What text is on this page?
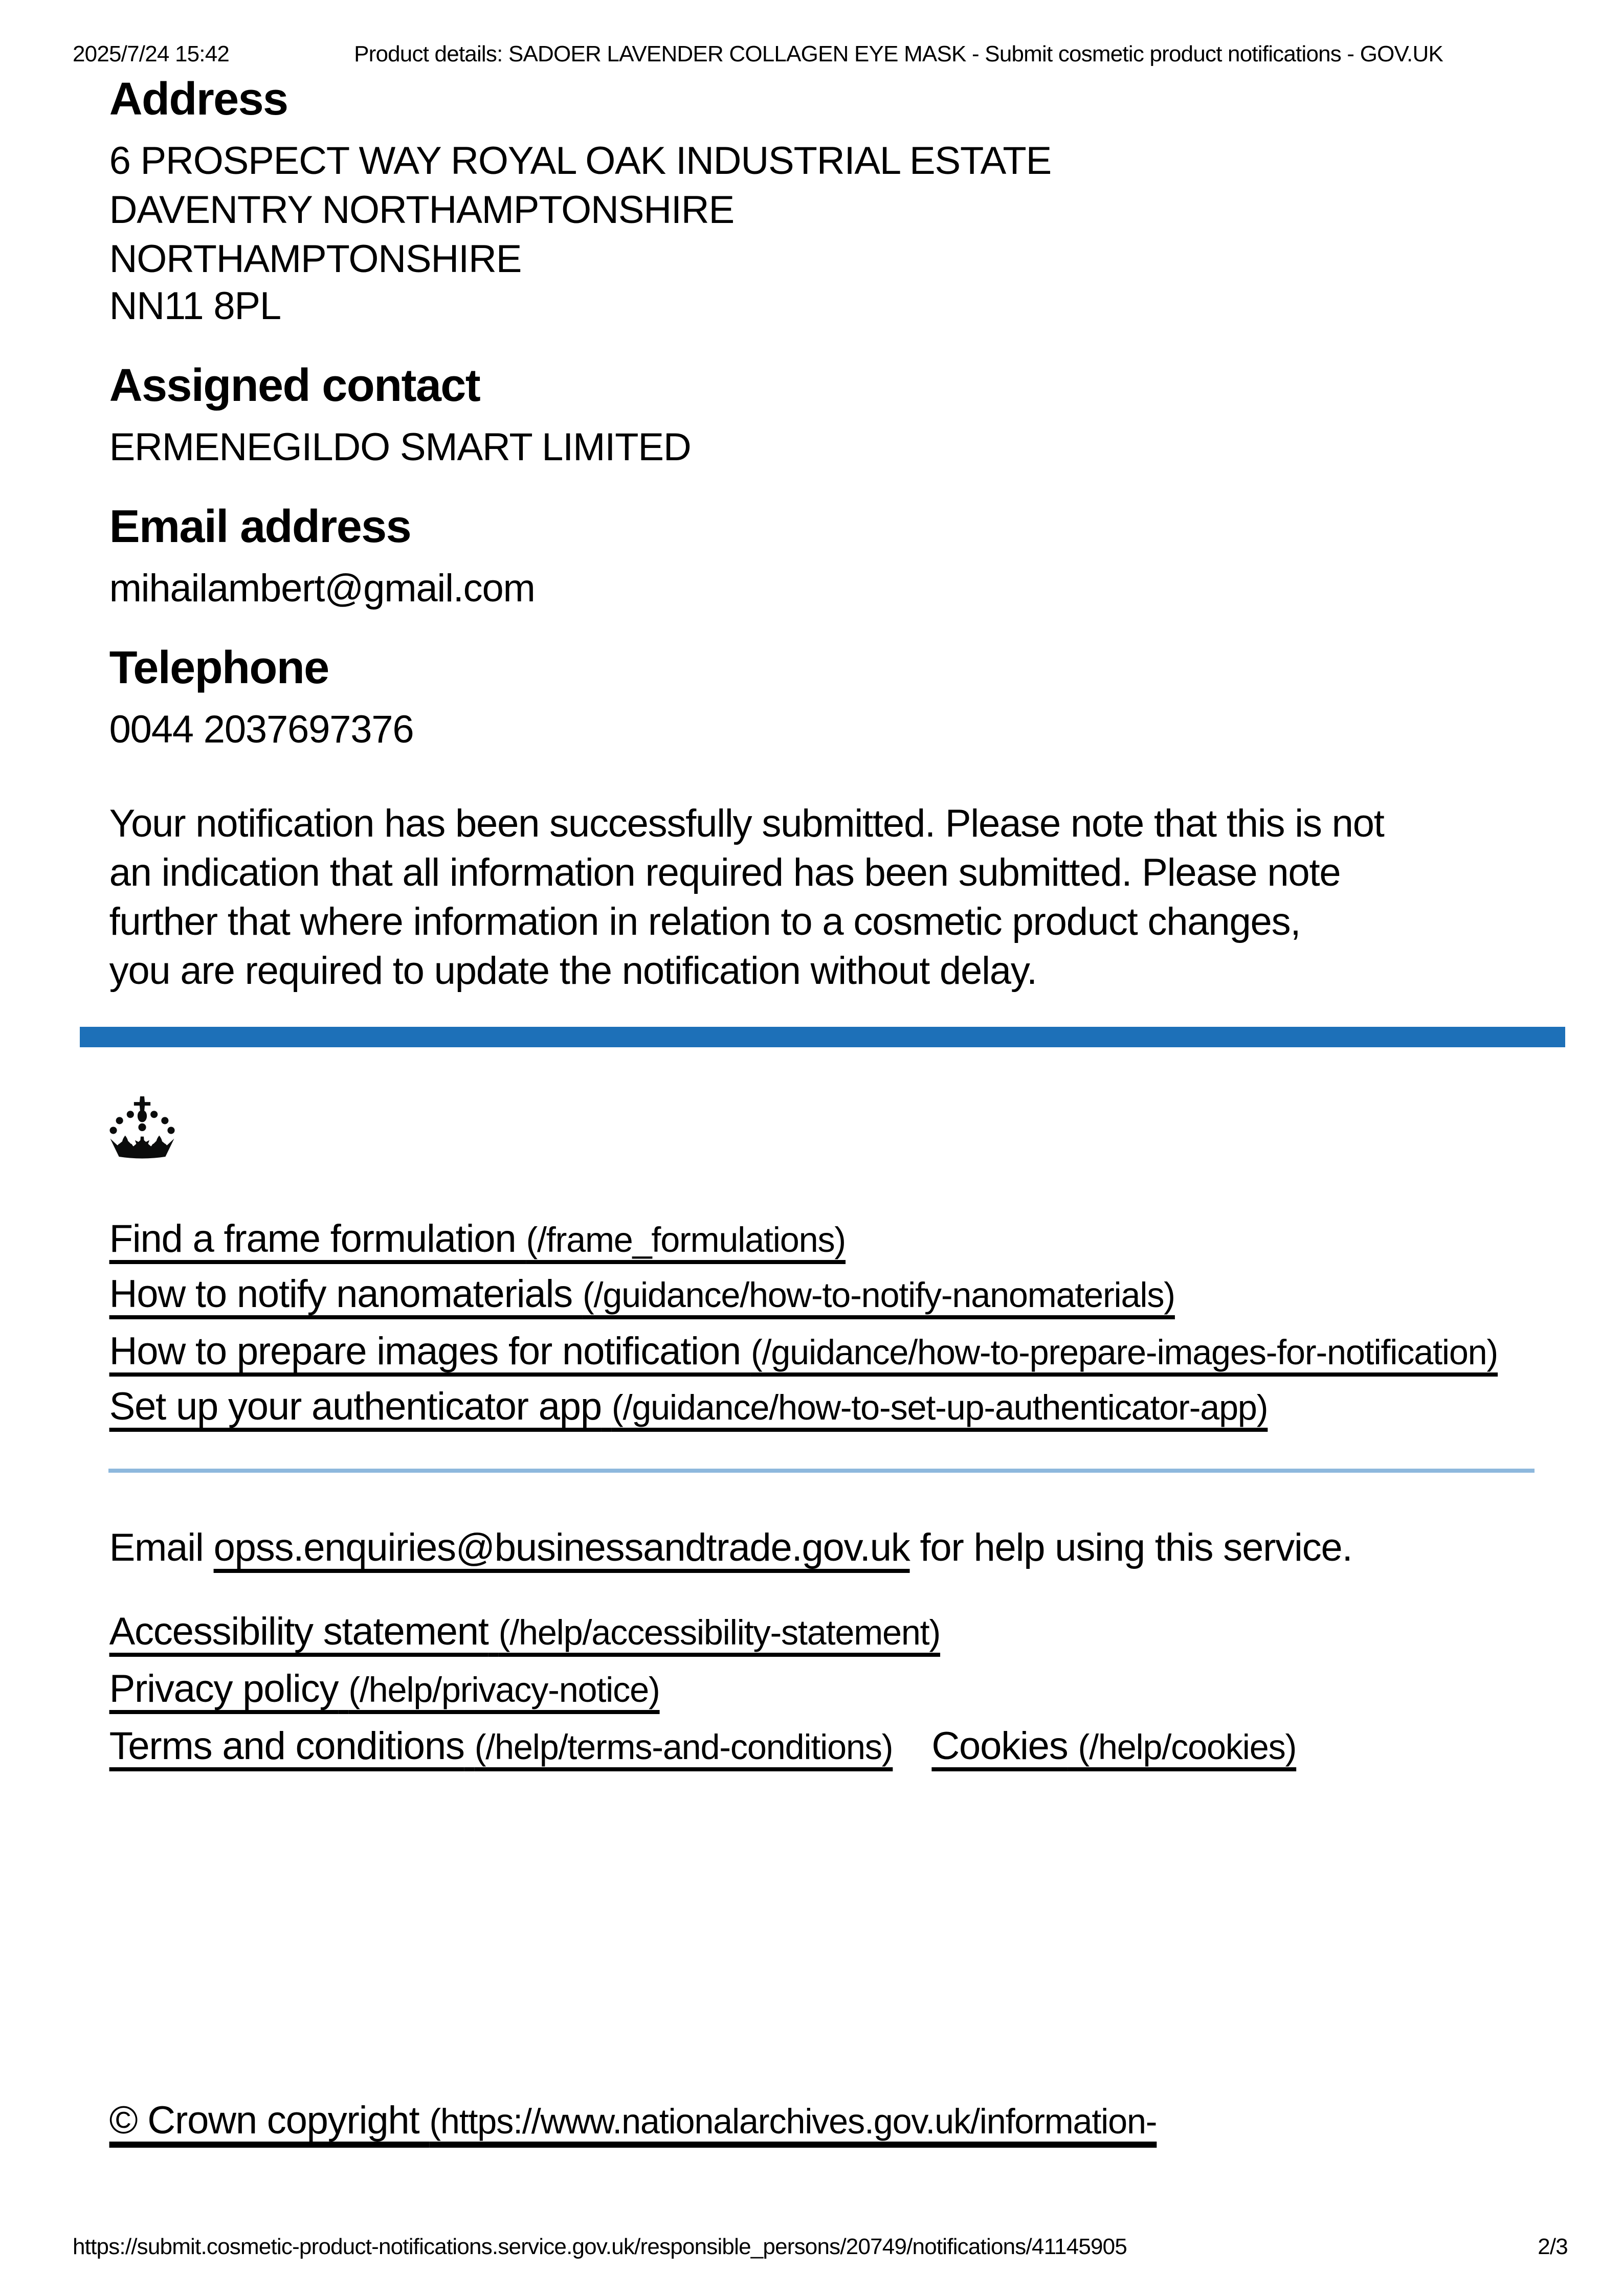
2025/7/24 15:42	Product details: SADOER LAVENDER COLLAGEN EYE MASK - Submit cosmetic product notifications - GOV.UK
Address
6 PROSPECT WAY ROYAL OAK INDUSTRIAL ESTATE
DAVENTRY NORTHAMPTONSHIRE
NORTHAMPTONSHIRE
NN11 8PL
Assigned contact
ERMENEGILDO SMART LIMITED
Email address
mihailambert@gmail.com
Telephone
0044 2037697376
Your notification has been successfully submitted. Please note that this is not
an indication that all information required has been submitted. Please note
further that where information in relation to a cosmetic product changes,
you are required to update the notification without delay.
Find a frame formulation (/frame_formulations)
How to notify nanomaterials (/guidance/how-to-notify-nanomaterials)
How to prepare images for notification (/guidance/how-to-prepare-images-for-notification)
Set up your authenticator app (/guidance/how-to-set-up-authenticator-app)
Email opss.enquiries@businessandtrade.gov.uk for help using this service.
Accessibility statement (/help/accessibility-statement)
Privacy policy (/help/privacy-notice)
Terms and conditions (/help/terms-and-conditions)	Cookies (/help/cookies)
© Crown copyright (https://www.nationalarchives.gov.uk/information-
https://submit.cosmetic-product-notifications.service.gov.uk/responsible_persons/20749/notifications/41145905	2/3
